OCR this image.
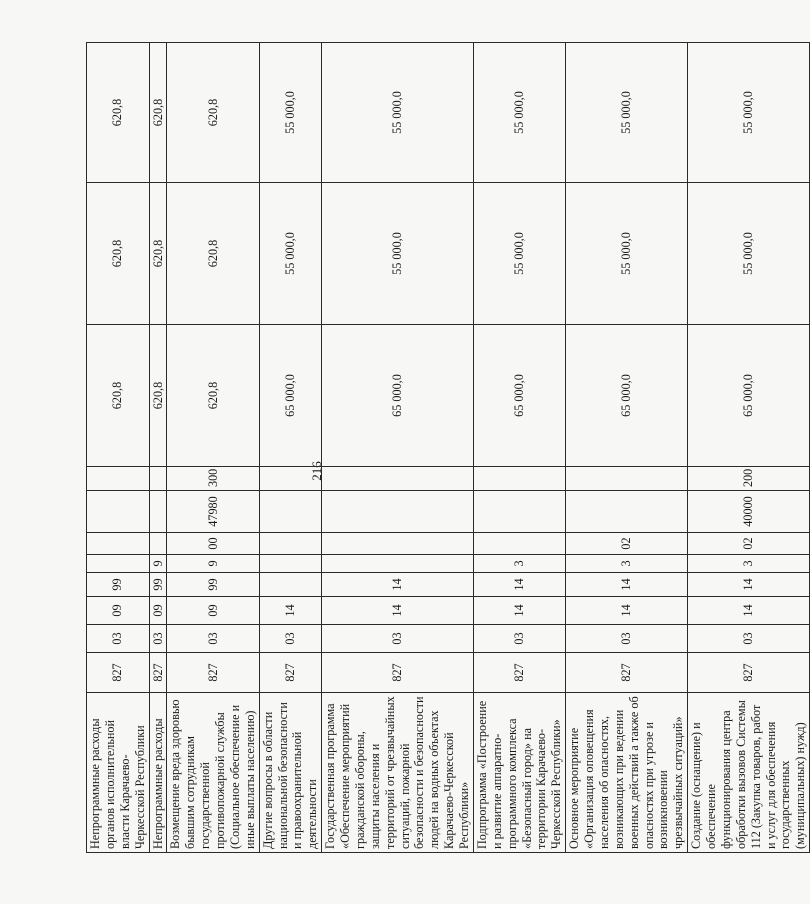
216
Непрограммные расходы органов исполнительной власти Карачаево-Черкесской Республики	827	03	09	99					620,8	620,8	620,8
Непрограммные расходы	827	03	09	99	9				620,8	620,8	620,8
Возмещение вреда здоровью бывшим сотрудникам государственной противопожарной службы (Социальное обеспечение и иные выплаты населению)	827	03	09	99	9	00	47980	300	620,8	620,8	620,8
Другие вопросы в области национальной безопасности и правоохранительной деятельности	827	03	14						65 000,0	55 000,0	55 000,0
Государственная программа «Обеспечение мероприятий гражданской обороны, защиты населения и территорий от чрезвычайных ситуаций, пожарной безопасности и безопасности людей на водных объектах Карачаево-Черкесской Республики»	827	03	14	14					65 000,0	55 000,0	55 000,0
Подпрограмма «Построение и развитие аппаратно-программного комплекса «Безопасный город» на территории Карачаево-Черкесской Республики»	827	03	14	14	3				65 000,0	55 000,0	55 000,0
Основное мероприятие «Организация оповещения населения об опасностях, возникающих при ведении военных действий а также об опасностях при угрозе и возникновении чрезвычайных ситуаций»	827	03	14	14	3	02			65 000,0	55 000,0	55 000,0
Создание (оснащение) и обеспечение функционирования центра обработки вызовов Системы 112 (Закупка товаров, работ и услуг для обеспечения государственных (муниципальных) нужд)	827	03	14	14	3	02	40000	200	65 000,0	55 000,0	55 000,0
